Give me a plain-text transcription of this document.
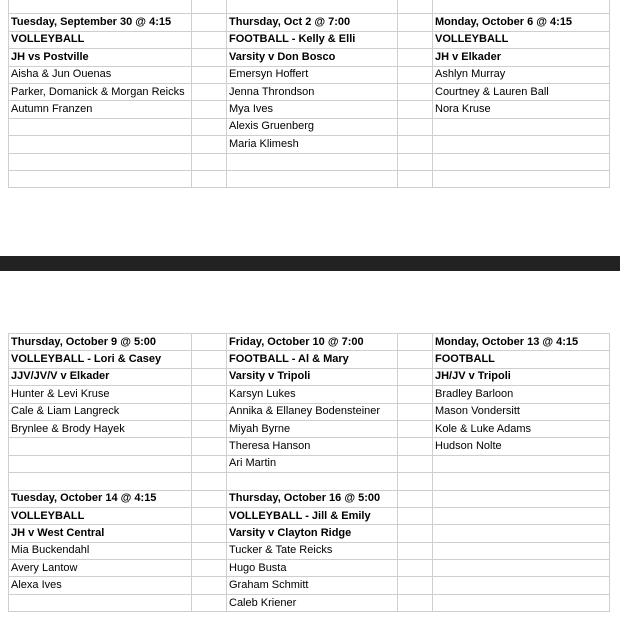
Tuesday, September 30 @ 4:15		Thursday, Oct 2 @ 7:00		Monday, October 6 @ 4:15
VOLLEYBALL		FOOTBALL - Kelly & Elli		VOLLEYBALL
JH vs Postville		Varsity v Don Bosco		JH v Elkader
Aisha & Jun Ouenas		Emersyn Hoffert		Ashlyn Murray
Parker, Domanick & Morgan Reicks		Jenna Throndson		Courtney & Lauren Ball
Autumn Franzen		Mya Ives		Nora Kruse
		Alexis Gruenberg		
		Maria Klimesh		

Thursday, October 9 @ 5:00		Friday, October 10 @ 7:00		Monday, October 13 @ 4:15
VOLLEYBALL - Lori & Casey		FOOTBALL - Al & Mary		FOOTBALL
JJV/JV/V v Elkader		Varsity v Tripoli		JH/JV v Tripoli
Hunter & Levi Kruse		Karsyn Lukes		Bradley Barloon
Cale & Liam Langreck		Annika & Ellaney Bodensteiner		Mason Vondersitt
Brynlee & Brody Hayek		Miyah Byrne		Kole & Luke Adams
		Theresa Hanson		Hudson Nolte
		Ari Martin		

Tuesday, October 14 @ 4:15		Thursday, October 16 @ 5:00		
VOLLEYBALL		VOLLEYBALL - Jill & Emily		
JH v West Central		Varsity v Clayton Ridge		
Mia Buckendahl		Tucker & Tate Reicks		
Avery Lantow		Hugo Busta		
Alexa Ives		Graham Schmitt		
		Caleb Kriener		
